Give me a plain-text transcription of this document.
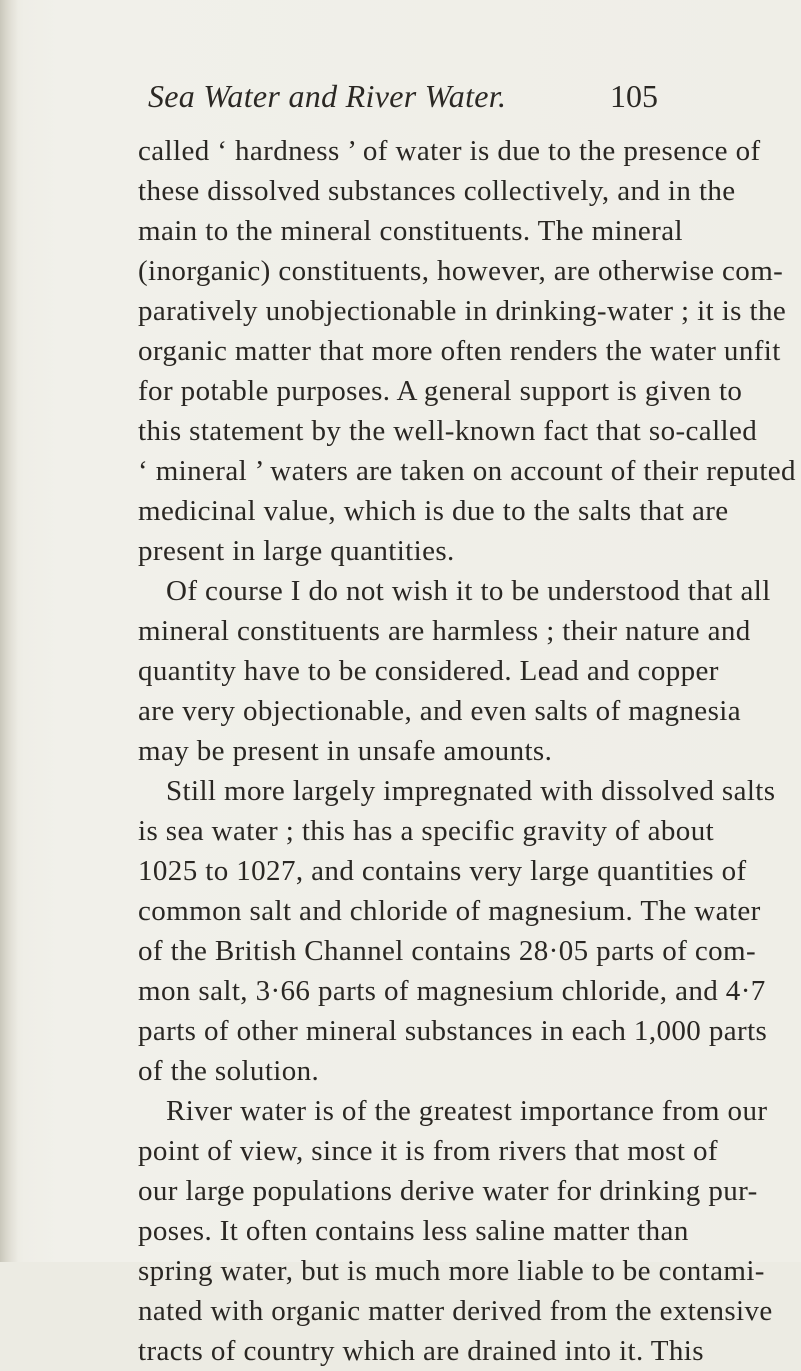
Sea Water and River Water.	105
called ‘ hardness ’ of water is due to the presence of
these dissolved substances collectively, and in the
main to the mineral constituents. The mineral
(inorganic) constituents, however, are otherwise com-
paratively unobjectionable in drinking-water ; it is the
organic matter that more often renders the water unfit
for potable purposes. A general support is given to
this statement by the well-known fact that so-called
‘ mineral ’ waters are taken on account of their reputed
medicinal value, which is due to the salts that are
present in large quantities.
Of course I do not wish it to be understood that all
mineral constituents are harmless ; their nature and
quantity have to be considered. Lead and copper
are very objectionable, and even salts of magnesia
may be present in unsafe amounts.
Still more largely impregnated with dissolved salts
is sea water ; this has a specific gravity of about
1025 to 1027, and contains very large quantities of
common salt and chloride of magnesium. The water
of the British Channel contains 28·05 parts of com-
mon salt, 3·66 parts of magnesium chloride, and 4·7
parts of other mineral substances in each 1,000 parts
of the solution.
River water is of the greatest importance from our
point of view, since it is from rivers that most of
our large populations derive water for drinking pur-
poses. It often contains less saline matter than
spring water, but is much more liable to be contami-
nated with organic matter derived from the extensive
tracts of country which are drained into it. This
